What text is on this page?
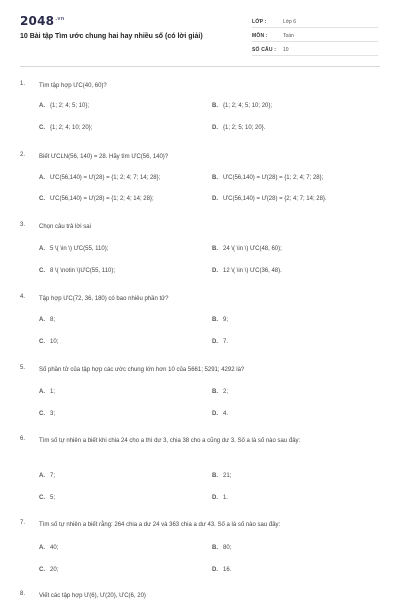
$2048^{.vn}$
10 Bài tập Tìm ước chung hai hay nhiều số (có lời giải)
LỚP :	Lớp 6
MÔN :	Toán
SỐ CÂU : 10
1. Tìm tập hợp ƯC(40, 60)?
A. {1; 2; 4; 5; 10};	B. {1; 2; 4; 5; 10; 20};
C. {1; 2; 4; 10; 20};	D. {1; 2; 5; 10; 20}.
2. Biết ƯCLN(56, 140) = 28. Hãy tìm ƯC(56, 140)?
A. ƯC(56,140) = Ư(28) = {1; 2; 4; 7; 14; 28};	B. ƯC(56,140) = Ư(28) = {1; 2; 4; 7; 28};
C. ƯC(56,140) = Ư(28) = {1; 2; 4; 14; 28};	D. ƯC(56,140) = Ư(28) = {2; 4; 7; 14; 28}.
3. Chọn câu trả lời sai
A. 5 \( \in \) ƯC(55, 110);	B. 24 \( \in \) ƯC(48, 60);
C. 8 \( \notin \)ƯC(55, 110);	D. 12 \( \in \) ƯC(36, 48).
4. Tập hợp ƯC(72, 36, 180) có bao nhiêu phần tử?
A. 8;	B. 9;
C. 10;	D. 7.
5. Số phần tử của tập hợp các ước chung lớn hơn 10 của 5661; 5291; 4292 là?
A. 1;	B. 2;
C. 3;	D. 4.
6. Tìm số tự nhiên a biết khi chia 24 cho a thì dư 3, chia 38 cho a cũng dư 3. Số a là số nào sau đây:
A. 7;	B. 21;
C. 5;	D. 1.
7. Tìm số tự nhiên a biết rằng: 264 chia a dư 24 và 363 chia a dư 43. Số a là số nào sau đây:
A. 40;	B. 80;
C. 20;	D. 16.
8. Viết các tập hợp Ư(6), Ư(20), ƯC(6, 20)
